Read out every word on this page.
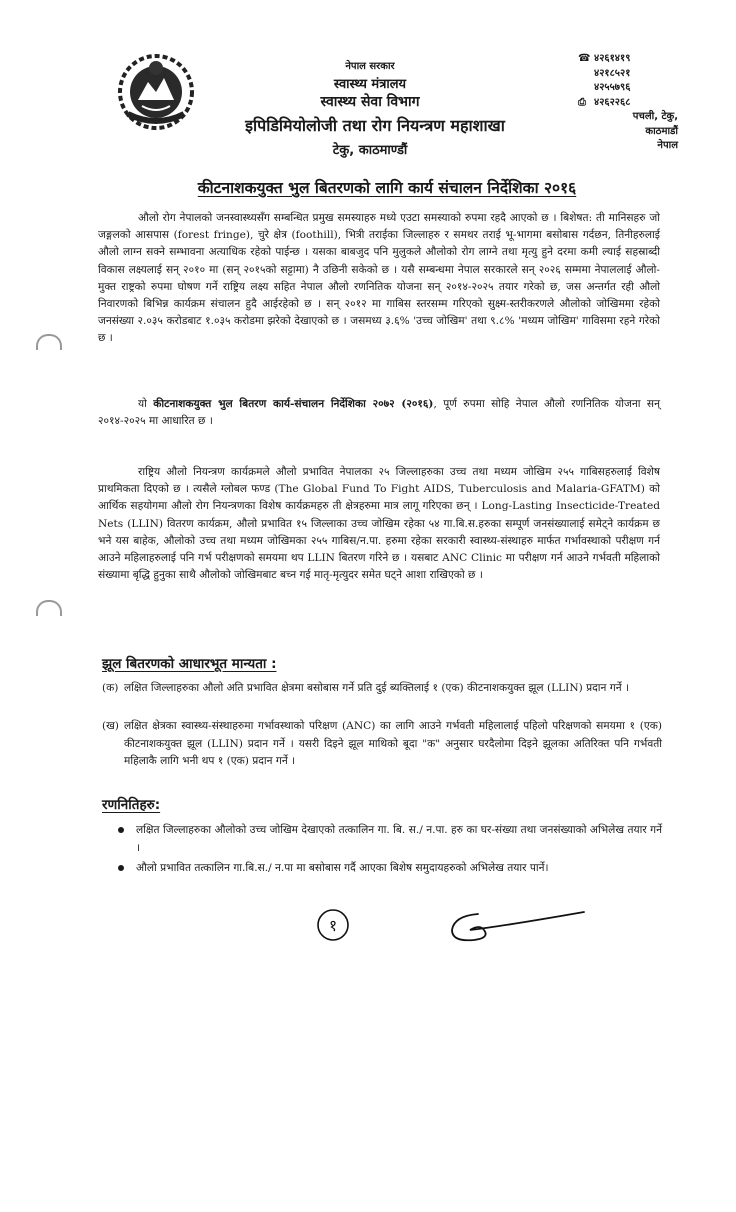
नेपाल सरकार
स्वास्थ्य मंत्रालय
स्वास्थ्य सेवा विभाग
इपिडिमियोलोजी तथा रोग नियन्त्रण महाशाखा
टेकु, काठमाण्डौं
☎ ४२६१४१९
४२१८५२१
४२५५७९६
⎙ ४२६२२६८
पचली, टेकु,
काठमाडौं
नेपाल
कीटनाशकयुक्त भुल बितरणको लागि कार्य संचालन निर्देशिका २०१६

औलो रोग नेपालको जनस्वास्थ्यसँग सम्बन्धित प्रमुख समस्याहरु मध्ये एउटा समस्याको रुपमा रहदै आएको छ । बिशेषत: ती मानिसहरु जो जङ्गलको आसपास (forest fringe), चुरे क्षेत्र (foothill), भित्री तराईका जिल्लाहरु र समथर तराई भू-भागमा बसोबास गर्दछन, तिनीहरुलाई औलो लाग्न सक्ने सम्भावना अत्याधिक रहेको पाईन्छ । यसका बाबजुद पनि मुलुकले औलोको रोग लाग्ने तथा मृत्यु हुने दरमा कमी ल्याई सहस्राब्दी विकास लक्ष्यलाई सन् २०१० मा (सन् २०१५को सट्टामा) नै उछिनी सकेको छ । यसै सम्बन्धमा नेपाल सरकारले सन् २०२६ सम्ममा नेपाललाई औलो-मुक्त राष्ट्रको रुपमा घोषण गर्ने राष्ट्रिय लक्ष्य सहित नेपाल औलो रणनितिक योजना सन् २०१४-२०२५ तयार गरेको छ, जस अन्तर्गत रही औलो निवारणको बिभिन्न कार्यक्रम संचालन हुदै आईरहेको छ । सन् २०१२ मा गाबिस स्तरसम्म गरिएको सुक्ष्म-स्तरीकरणले औलोको जोखिममा रहेको जनसंख्या २.०३५ करोडबाट १.०३५ करोडमा झरेको देखाएको छ । जसमध्य ३.६% 'उच्च जोखिम' तथा ९.८% 'मध्यम जोखिम' गाविसमा रहने गरेको छ ।

यो कीटनाशकयुक्त भुल बितरण कार्य-संचालन निर्देशिका २०७२ (२०१६), पूर्ण रुपमा सोहि नेपाल औलो रणनितिक योजना सन् २०१४-२०२५ मा आधारित छ ।

राष्ट्रिय औलो नियन्त्रण कार्यक्रमले औलो प्रभावित नेपालका २५ जिल्लाहरुका उच्च तथा मध्यम जोखिम २५५ गाबिसहरुलाई विशेष प्राथमिकता दिएको छ । त्यसैले ग्लोबल फण्ड (The Global Fund To Fight AIDS, Tuberculosis and Malaria-GFATM) को आर्थिक सहयोगमा औलो रोग नियन्त्रणका विशेष कार्यक्रमहरु ती क्षेत्रहरुमा मात्र लागू गरिएका छन् । Long-Lasting Insecticide-Treated Nets (LLIN) वितरण कार्यक्रम, औलो प्रभावित १५ जिल्लाका उच्च जोखिम रहेका ५४ गा.बि.स.हरुका सम्पूर्ण जनसंख्यालाई समेट्ने कार्यक्रम छ भने यस बाहेक, औलोको उच्च तथा मध्यम जोखिमका २५५ गाबिस/न.पा. हरुमा रहेका सरकारी स्वास्थ्य-संस्थाहरु मार्फत गर्भावस्थाको परीक्षण गर्न आउने महिलाहरुलाई पनि गर्भ परीक्षणको समयमा थप LLIN बितरण गरिने छ । यसबाट ANC Clinic मा परीक्षण गर्न आउने गर्भवती महिलाको संख्यामा बृद्धि हुनुका साथै औलोको जोखिमबाट बच्न गई मातृ-मृत्युदर समेत घट्ने आशा राखिएको छ ।

झूल बितरणको आधारभूत मान्यता :
(क) लक्षित जिल्लाहरुका औलो अति प्रभावित क्षेत्रमा बसोबास गर्ने प्रति दुई ब्यक्तिलाई १ (एक) कीटनाशकयुक्त झूल (LLIN) प्रदान गर्ने ।
(ख) लक्षित क्षेत्रका स्वास्थ्य-संस्थाहरुमा गर्भावस्थाको परिक्षण (ANC) का लागि आउने गर्भवती महिलालाई पहिलो परिक्षणको समयमा १ (एक) कीटनाशकयुक्त झूल (LLIN) प्रदान गर्ने । यसरी दिइने झूल माथिको बूदा "क" अनुसार घरदैलोमा दिइने झूलका अतिरिक्त पनि गर्भवती महिलाकै लागि भनी थप १ (एक) प्रदान गर्ने ।
रणनितिहरु:
लक्षित जिल्लाहरुका औलोको उच्च जोखिम देखाएको तत्कालिन गा. बि. स./ न.पा. हरु का घर-संख्या तथा जनसंख्याको अभिलेख तयार गर्ने ।
औलो प्रभावित तत्कालिन गा.बि.स./ न.पा मा बसोबास गर्दै आएका बिशेष समुदायहरुको अभिलेख तयार पार्ने।
१
